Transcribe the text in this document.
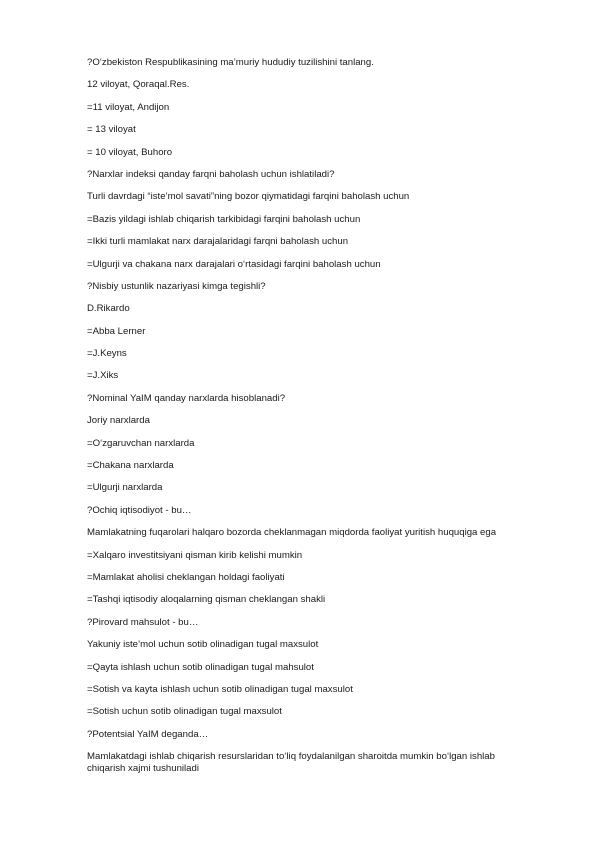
?O‘zbekiston Respublikasining ma’muriy hududiy tuzilishini tanlang.
12 viloyat, Qoraqal.Res.
=11 viloyat, Andijon
= 13 viloyat
= 10 viloyat, Buhoro
?Narxlar indeksi qanday farqni baholash uchun ishlatiladi?
Turli davrdagi “iste’mol savati”ning bozor qiymatidagi farqini baholash uchun
=Bazis yildagi ishlab chiqarish tarkibidagi farqini baholash uchun
=Ikki turli mamlakat narx darajalaridagi farqni baholash uchun
=Ulgurji va chakana narx darajalari o‘rtasidagi farqini baholash uchun
?Nisbiy ustunlik nazariyasi kimga tegishli?
D.Rikardo
=Abba Lerner
=J.Keyns
=J.Xiks
?Nominal YaIM qanday narxlarda hisoblanadi?
Joriy narxlarda
=O‘zgaruvchan narxlarda
=Chakana narxlarda
=Ulgurji narxlarda
?Ochiq iqtisodiyot - bu…
Mamlakatning fuqarolari halqaro bozorda cheklanmagan miqdorda faoliyat yuritish huquqiga ega
=Xalqaro investitsiyani qisman kirib kelishi mumkin
=Mamlakat aholisi cheklangan holdagi faoliyati
=Tashqi iqtisodiy aloqalarning qisman cheklangan shakli
?Pirovard mahsulot - bu…
Yakuniy iste’mol uchun sotib olinadigan tugal maxsulot
=Qayta ishlash uchun sotib olinadigan tugal mahsulot
=Sotish va kayta ishlash uchun sotib olinadigan tugal maxsulot
=Sotish uchun sotib olinadigan tugal maxsulot
?Potentsial YaIM deganda…
Mamlakatdagi ishlab chiqarish resurslaridan to‘liq foydalanilgan sharoitda mumkin bo‘lgan ishlab chiqarish xajmi tushuniladi
